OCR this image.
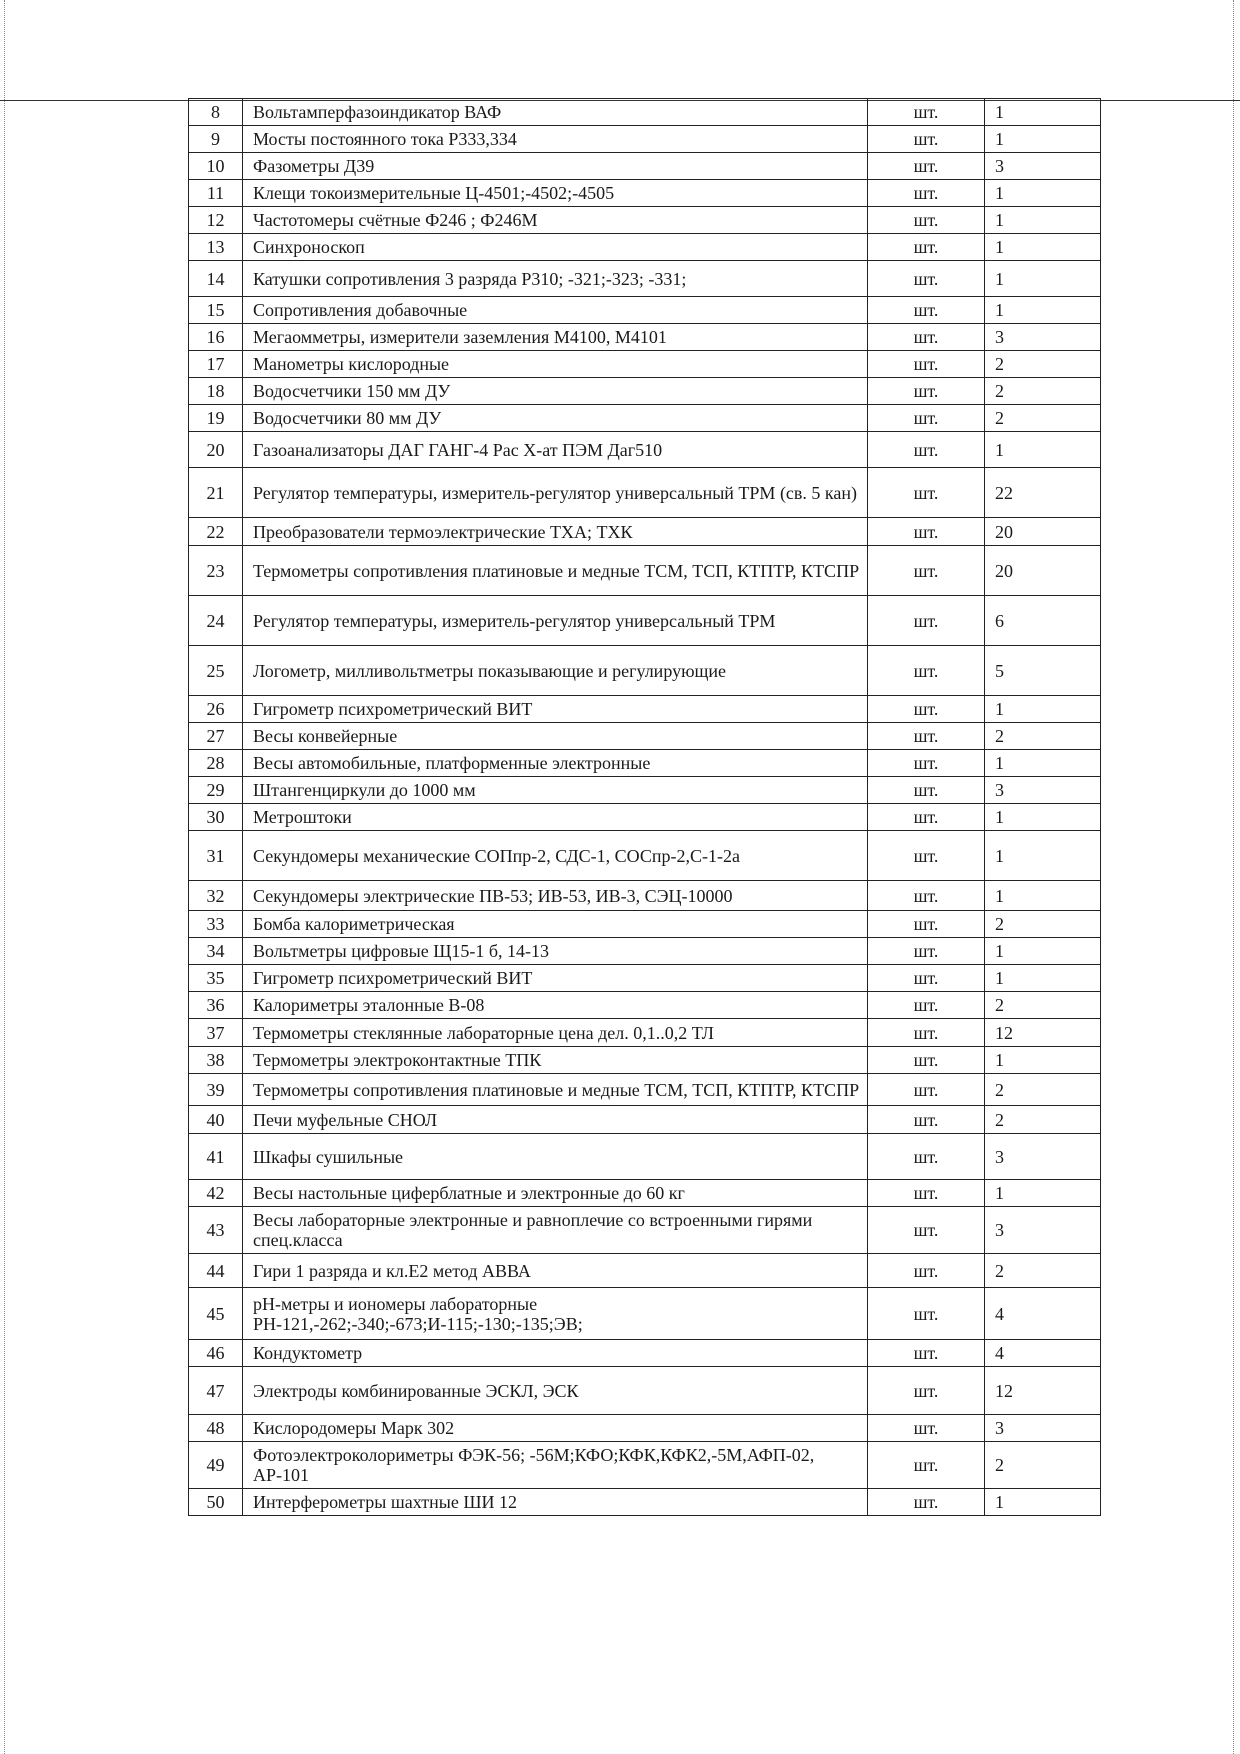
8	Вольтамперфазоиндикатор ВАФ	шт.	1
9	Мосты постоянного тока Р333,334	шт.	1
10	Фазометры Д39	шт.	3
11	Клещи токоизмерительные Ц-4501;-4502;-4505	шт.	1
12	Частотомеры счётные Ф246 ; Ф246М	шт.	1
13	Синхроноскоп	шт.	1
14	Катушки сопротивления 3 разряда Р310; -321;-323; -331;	шт.	1
15	Сопротивления добавочные	шт.	1
16	Мегаомметры, измерители заземления М4100, М4101	шт.	3
17	Манометры кислородные	шт.	2
18	Водосчетчики 150 мм ДУ	шт.	2
19	Водосчетчики 80 мм ДУ	шт.	2
20	Газоанализаторы ДАГ ГАНГ-4 Рас Х-ат ПЭМ Даг510	шт.	1
21	Регулятор температуры, измеритель-регулятор универсальный ТРМ (св. 5 кан)	шт.	22
22	Преобразователи термоэлектрические ТХА; ТХК	шт.	20
23	Термометры сопротивления платиновые и медные ТСМ, ТСП, КТПТР, КТСПР	шт.	20
24	Регулятор температуры, измеритель-регулятор универсальный ТРМ	шт.	6
25	Логометр, милливольтметры показывающие и регулирующие	шт.	5
26	Гигрометр психрометрический ВИТ	шт.	1
27	Весы конвейерные	шт.	2
28	Весы автомобильные, платформенные электронные	шт.	1
29	Штангенциркули до 1000 мм	шт.	3
30	Метроштоки	шт.	1
31	Секундомеры механические СОПпр-2, СДС-1, СОСпр-2,С-1-2а	шт.	1
32	Секундомеры электрические ПВ-53; ИВ-53, ИВ-3, СЭЦ-10000	шт.	1
33	Бомба калориметрическая	шт.	2
34	Вольтметры цифровые Щ15-1 б, 14-13	шт.	1
35	Гигрометр психрометрический ВИТ	шт.	1
36	Калориметры эталонные В-08	шт.	2
37	Термометры стеклянные лабораторные цена дел. 0,1..0,2 ТЛ	шт.	12
38	Термометры электроконтактные ТПК	шт.	1
39	Термометры сопротивления платиновые и медные ТСМ, ТСП, КТПТР, КТСПР	шт.	2
40	Печи муфельные СНОЛ	шт.	2
41	Шкафы сушильные	шт.	3
42	Весы настольные циферблатные и электронные до 60 кг	шт.	1
43	Весы лабораторные электронные и равноплечие со встроенными гирями спец.класса	шт.	3
44	Гири 1 разряда и кл.Е2 метод АВВА	шт.	2
45	рН-метры и иономеры лабораторные РН-121,-262;-340;-673;И-115;-130;-135;ЭВ;	шт.	4
46	Кондуктометр	шт.	4
47	Электроды комбинированные ЭСКЛ, ЭСК	шт.	12
48	Кислородомеры Марк 302	шт.	3
49	Фотоэлектроколориметры ФЭК-56; -56М;КФО;КФК,КФК2,-5М,АФП-02, АР-101	шт.	2
50	Интерферометры шахтные ШИ 12	шт.	1
